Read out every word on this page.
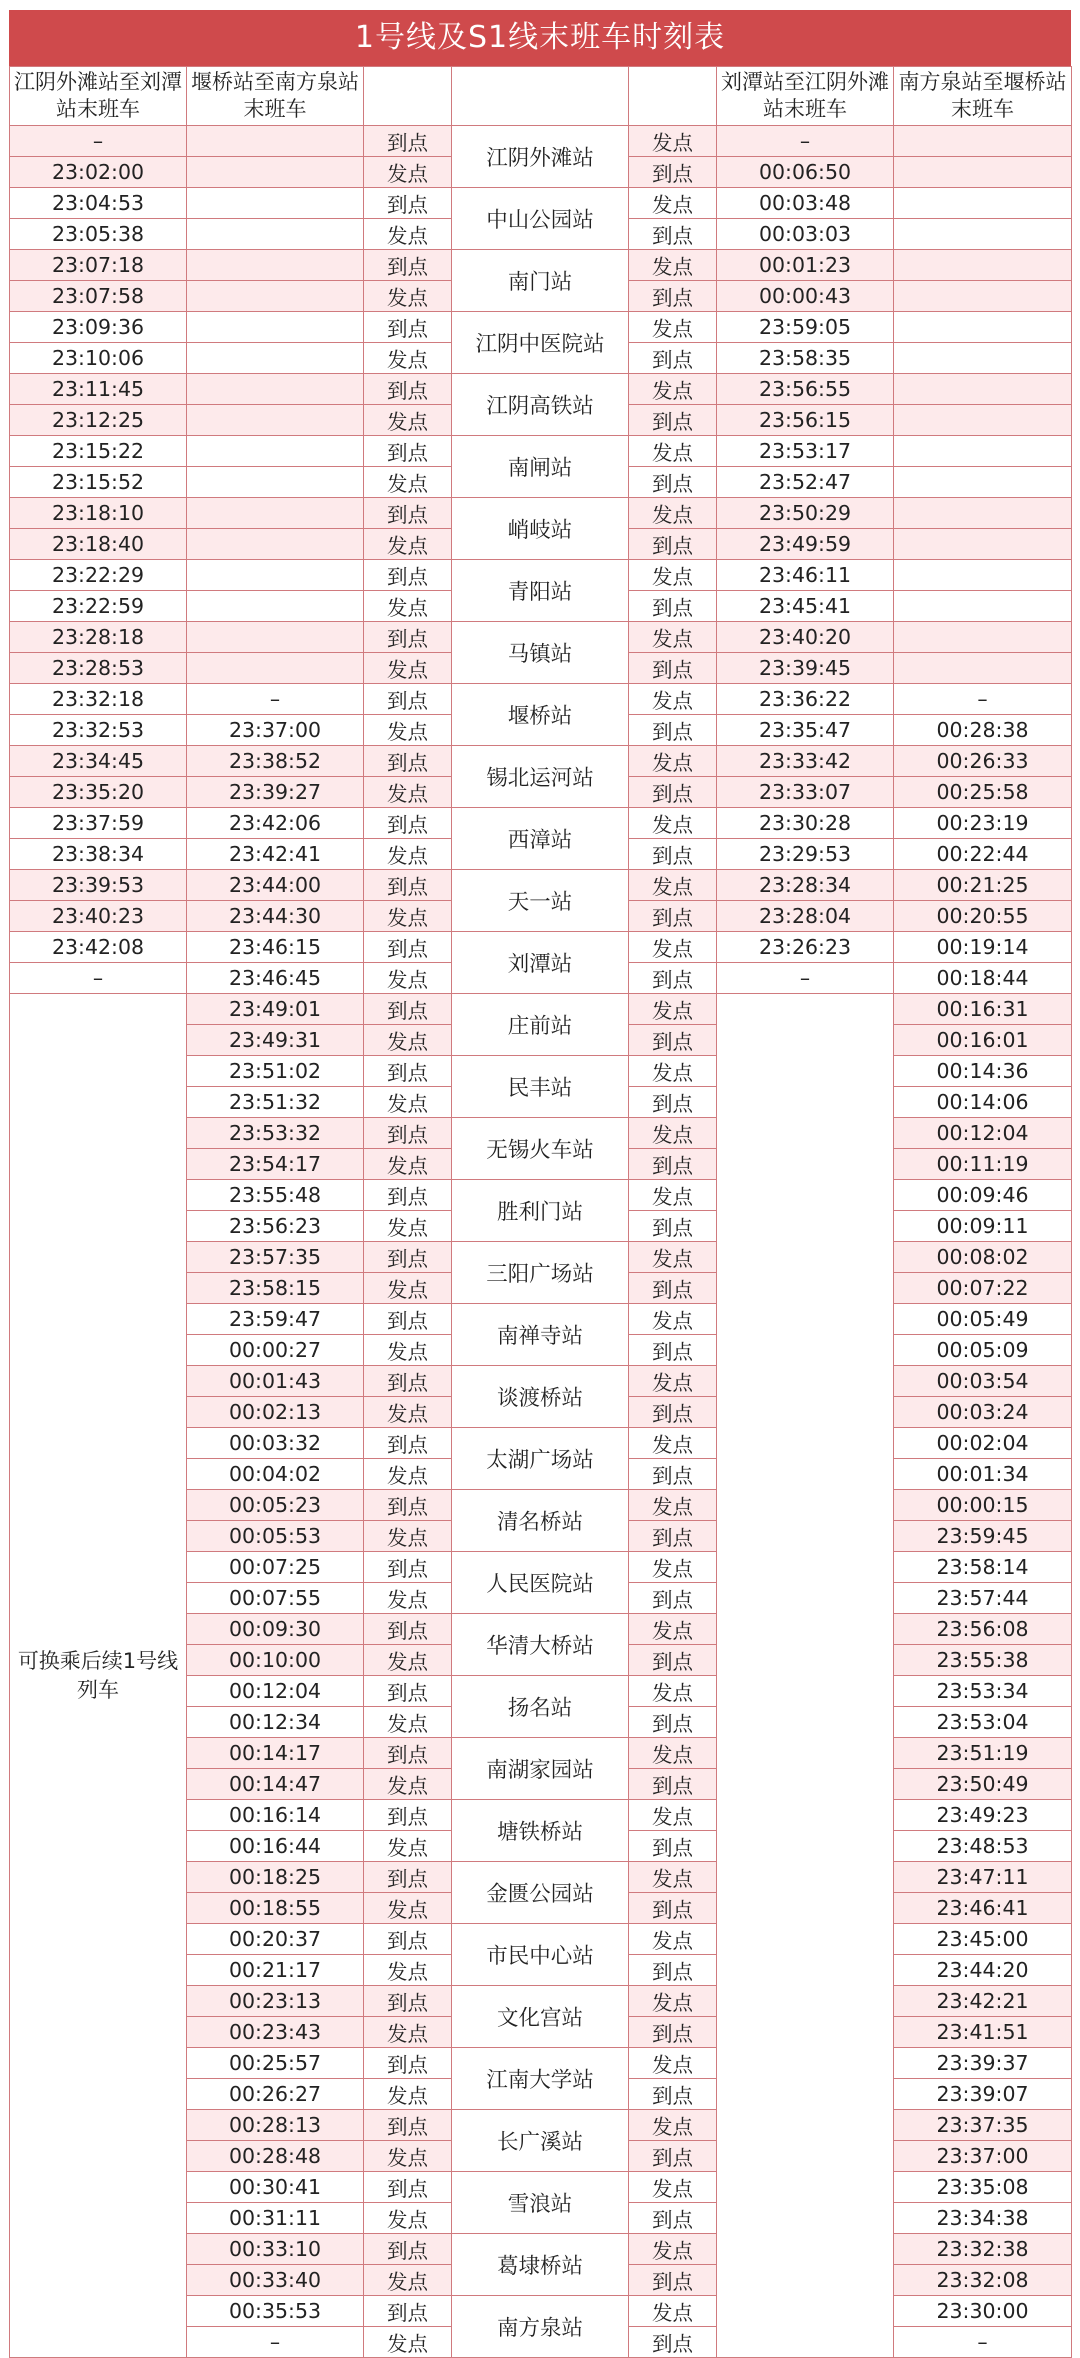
1号线及S1线末班车时刻表
江阴外滩站至刘潭站末班车	堰桥站至南方泉站末班车				刘潭站至江阴外滩站末班车	南方泉站至堰桥站末班车
–		到点	江阴外滩站	发点	–	
23:02:00		发点		到点	00:06:50	
23:04:53		到点	中山公园站	发点	00:03:48	
23:05:38		发点		到点	00:03:03	
23:07:18		到点	南门站	发点	00:01:23	
23:07:58		发点		到点	00:00:43	
23:09:36		到点	江阴中医院站	发点	23:59:05	
23:10:06		发点		到点	23:58:35	
23:11:45		到点	江阴高铁站	发点	23:56:55	
23:12:25		发点		到点	23:56:15	
23:15:22		到点	南闸站	发点	23:53:17	
23:15:52		发点		到点	23:52:47	
23:18:10		到点	峭岐站	发点	23:50:29	
23:18:40		发点		到点	23:49:59	
23:22:29		到点	青阳站	发点	23:46:11	
23:22:59		发点		到点	23:45:41	
23:28:18		到点	马镇站	发点	23:40:20	
23:28:53		发点		到点	23:39:45	
23:32:18	–	到点	堰桥站	发点	23:36:22	–
23:32:53	23:37:00	发点		到点	23:35:47	00:28:38
23:34:45	23:38:52	到点	锡北运河站	发点	23:33:42	00:26:33
23:35:20	23:39:27	发点		到点	23:33:07	00:25:58
23:37:59	23:42:06	到点	西漳站	发点	23:30:28	00:23:19
23:38:34	23:42:41	发点		到点	23:29:53	00:22:44
23:39:53	23:44:00	到点	天一站	发点	23:28:34	00:21:25
23:40:23	23:44:30	发点		到点	23:28:04	00:20:55
23:42:08	23:46:15	到点	刘潭站	发点	23:26:23	00:19:14
–	23:46:45	发点		到点	–	00:18:44
可换乘后续1号线列车	23:49:01	到点	庄前站	发点		00:16:31
	23:49:31	发点		到点		00:16:01
	23:51:02	到点	民丰站	发点		00:14:36
	23:51:32	发点		到点		00:14:06
	23:53:32	到点	无锡火车站	发点		00:12:04
	23:54:17	发点		到点		00:11:19
	23:55:48	到点	胜利门站	发点		00:09:46
	23:56:23	发点		到点		00:09:11
	23:57:35	到点	三阳广场站	发点		00:08:02
	23:58:15	发点		到点		00:07:22
	23:59:47	到点	南禅寺站	发点		00:05:49
	00:00:27	发点		到点		00:05:09
	00:01:43	到点	谈渡桥站	发点		00:03:54
	00:02:13	发点		到点		00:03:24
	00:03:32	到点	太湖广场站	发点		00:02:04
	00:04:02	发点		到点		00:01:34
	00:05:23	到点	清名桥站	发点		00:00:15
	00:05:53	发点		到点		23:59:45
	00:07:25	到点	人民医院站	发点		23:58:14
	00:07:55	发点		到点		23:57:44
	00:09:30	到点	华清大桥站	发点		23:56:08
	00:10:00	发点		到点		23:55:38
	00:12:04	到点	扬名站	发点		23:53:34
	00:12:34	发点		到点		23:53:04
	00:14:17	到点	南湖家园站	发点		23:51:19
	00:14:47	发点		到点		23:50:49
	00:16:14	到点	塘铁桥站	发点		23:49:23
	00:16:44	发点		到点		23:48:53
	00:18:25	到点	金匮公园站	发点		23:47:11
	00:18:55	发点		到点		23:46:41
	00:20:37	到点	市民中心站	发点		23:45:00
	00:21:17	发点		到点		23:44:20
	00:23:13	到点	文化宫站	发点		23:42:21
	00:23:43	发点		到点		23:41:51
	00:25:57	到点	江南大学站	发点		23:39:37
	00:26:27	发点		到点		23:39:07
	00:28:13	到点	长广溪站	发点		23:37:35
	00:28:48	发点		到点		23:37:00
	00:30:41	到点	雪浪站	发点		23:35:08
	00:31:11	发点		到点		23:34:38
	00:33:10	到点	葛埭桥站	发点		23:32:38
	00:33:40	发点		到点		23:32:08
	00:35:53	到点	南方泉站	发点		23:30:00
	–	发点		到点		–
